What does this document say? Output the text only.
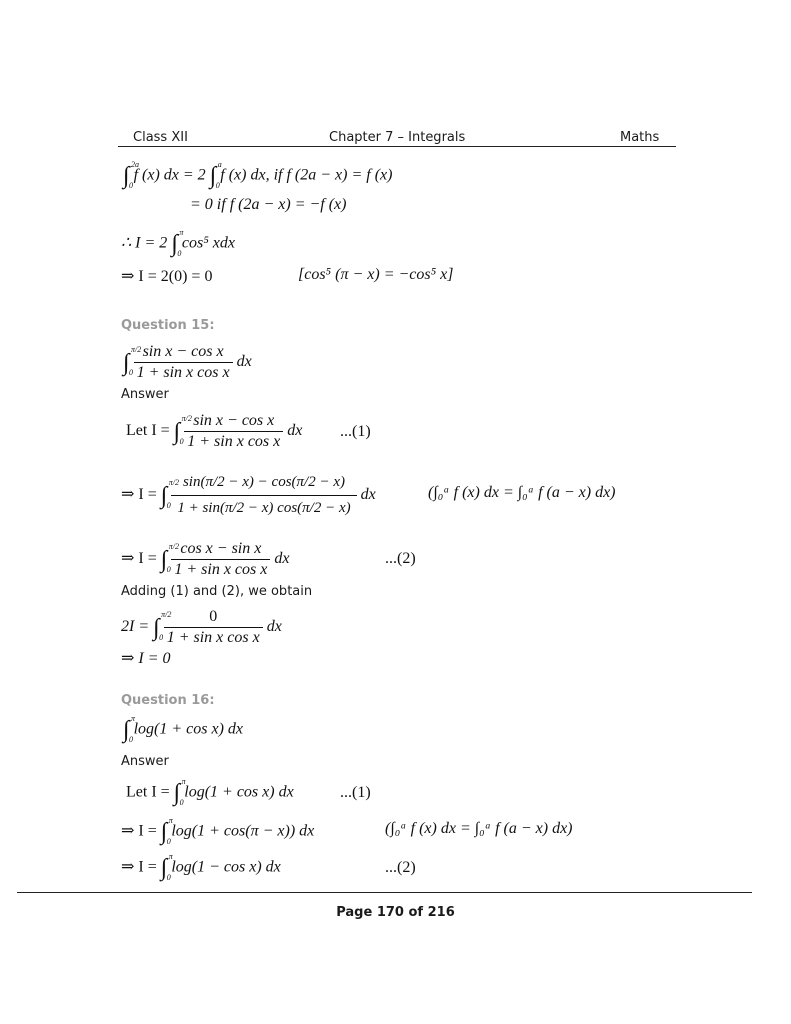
Class XII	Chapter 7 – Integrals	Maths
∫ 2a
0
f (x) dx = 2 ∫ a
0
f (x) dx, if f (2a − x) = f (x)
= 0 if f (2a − x) = −f (x)
∴ I = 2 ∫ π
0
cos⁵ xdx
⇒ I = 2(0) = 0	[cos⁵ (π − x) = −cos⁵ x]
Question 15:
∫
π/2
0
$\frac{\text{sin x − cos x}}{\text{1 + sin x cos x}}$ dx
Answer
Let I = ∫
π/2
0
$\frac{\text{sin x − cos x}}{\text{1 + sin x cos x}}$ dx ...(1)
⇒ I = ∫
π/2
0
$\frac{\sin(\pi/2 - x) - \cos(\pi/2 - x)}{1 + \sin(\pi/2 - x) \cos(\pi/2 - x)}$ dx	(∫₀ᵃ f (x) dx = ∫₀ᵃ f (a − x) dx)
⇒ I = ∫
π/2
0
$\frac{\text{cos x − sin x}}{\text{1 + sin x cos x}}$ dx	...(2)
Adding (1) and (2), we obtain
2I = ∫
π/2
0
$\frac{0}{\text{1 + sin x cos x}}$ dx
⇒ I = 0
Question 16:
∫ π
0
log(1 + cos x) dx
Answer
Let I = ∫ π
0
log(1 + cos x) dx	...(1)
⇒ I = ∫ π
0
log(1 + cos(π − x)) dx	(∫₀ᵃ f (x) dx = ∫₀ᵃ f (a − x) dx)
⇒ I = ∫ π
0
log(1 − cos x) dx	...(2)
Page 170 of 216
